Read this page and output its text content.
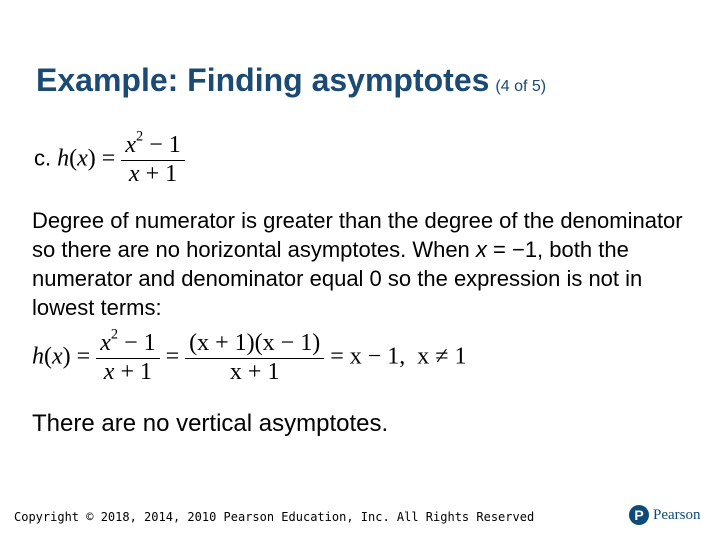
Example: Finding asymptotes (4 of 5)
c. $h(x) = \frac{x^2 - 1}{x + 1}$

Degree of numerator is greater than the degree of the denominator so there are no horizontal asymptotes. When x = −1, both the numerator and denominator equal 0 so the expression is not in lowest terms:

$h(x) = \frac{x^2 - 1}{x + 1} = \frac{(x + 1)(x - 1)}{x + 1} = x - 1$, x ≠ 1

There are no vertical asymptotes.

Copyright © 2018, 2014, 2010 Pearson Education, Inc. All Rights Reserved	P Pearson
